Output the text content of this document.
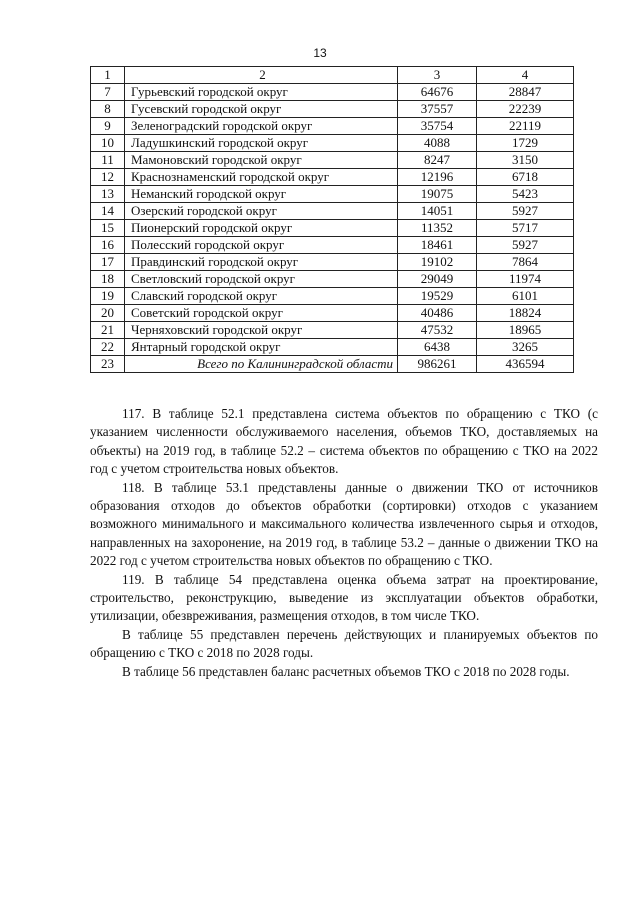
13
1	2	3	4
7	Гурьевский городской округ	64676	28847
8	Гусевский городской округ	37557	22239
9	Зеленоградский городской округ	35754	22119
10	Ладушкинский городской округ	4088	1729
11	Мамоновский городской округ	8247	3150
12	Краснознаменский городской округ	12196	6718
13	Неманский городской округ	19075	5423
14	Озерский городской округ	14051	5927
15	Пионерский городской округ	11352	5717
16	Полесский городской округ	18461	5927
17	Правдинский городской округ	19102	7864
18	Светловский городской округ	29049	11974
19	Славский городской округ	19529	6101
20	Советский городской округ	40486	18824
21	Черняховский городской округ	47532	18965
22	Янтарный городской округ	6438	3265
23	Всего по Калининградской области	986261	436594

117. В таблице 52.1 представлена система объектов по обращению с ТКО (с указанием численности обслуживаемого населения, объемов ТКО, доставляемых на объекты) на 2019 год, в таблице 52.2 – система объектов по обращению с ТКО на 2022 год с учетом строительства новых объектов.

118. В таблице 53.1 представлены данные о движении ТКО от источников образования отходов до объектов обработки (сортировки) отходов с указанием возможного минимального и максимального количества извлеченного сырья и отходов, направленных на захоронение, на 2019 год, в таблице 53.2 – данные о движении ТКО на 2022 год с учетом строительства новых объектов по обращению с ТКО.

119. В таблице 54 представлена оценка объема затрат на проектирование, строительство, реконструкцию, выведение из эксплуатации объектов обработки, утилизации, обезвреживания, размещения отходов, в том числе ТКО.

В таблице 55 представлен перечень действующих и планируемых объектов по обращению с ТКО с 2018 по 2028 годы.

В таблице 56 представлен баланс расчетных объемов ТКО с 2018 по 2028 годы.
